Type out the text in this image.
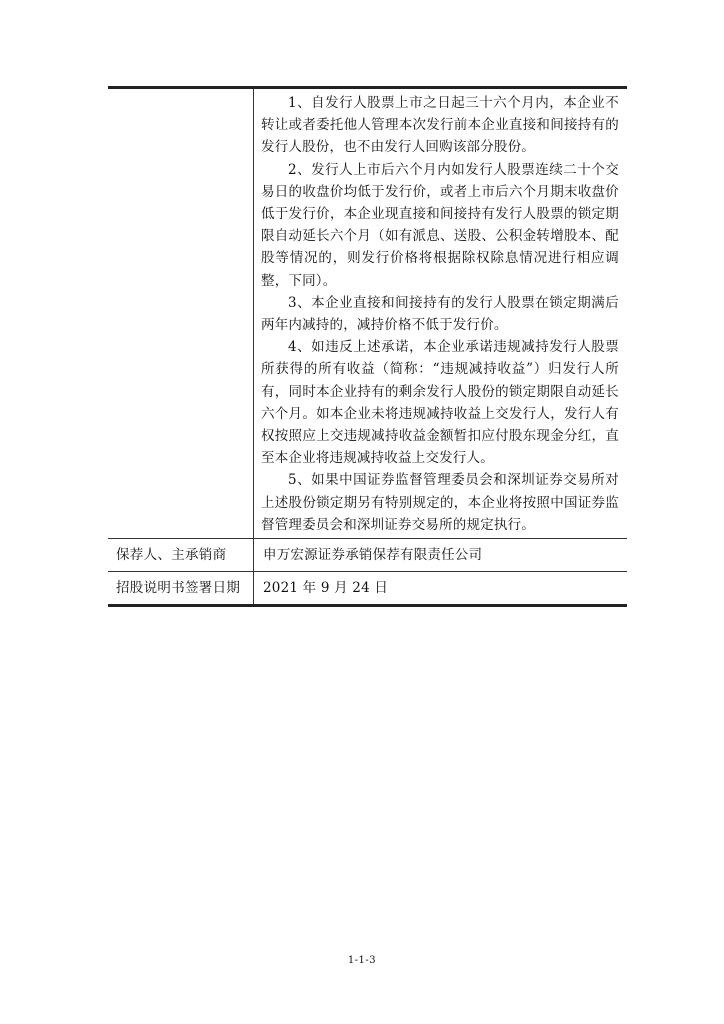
1、自发行人股票上市之日起三十六个月内，本企业不转让或者委托他人管理本次发行前本企业直接和间接持有的发行人股份，也不由发行人回购该部分股份。

2、发行人上市后六个月内如发行人股票连续二十个交易日的收盘价均低于发行价，或者上市后六个月期末收盘价低于发行价，本企业现直接和间接持有发行人股票的锁定期限自动延长六个月（如有派息、送股、公积金转增股本、配股等情况的，则发行价格将根据除权除息情况进行相应调整，下同）。

3、本企业直接和间接持有的发行人股票在锁定期满后两年内减持的，减持价格不低于发行价。

4、如违反上述承诺，本企业承诺违规减持发行人股票所获得的所有收益（简称：“违规减持收益”）归发行人所有，同时本企业持有的剩余发行人股份的锁定期限自动延长六个月。如本企业未将违规减持收益上交发行人，发行人有权按照应上交违规减持收益金额暂扣应付股东现金分红，直至本企业将违规减持收益上交发行人。

5、如果中国证券监督管理委员会和深圳证券交易所对上述股份锁定期另有特别规定的，本企业将按照中国证券监督管理委员会和深圳证券交易所的规定执行。

保荐人、主承销商	申万宏源证券承销保荐有限责任公司
招股说明书签署日期	2021 年 9 月 24 日
1-1-3
